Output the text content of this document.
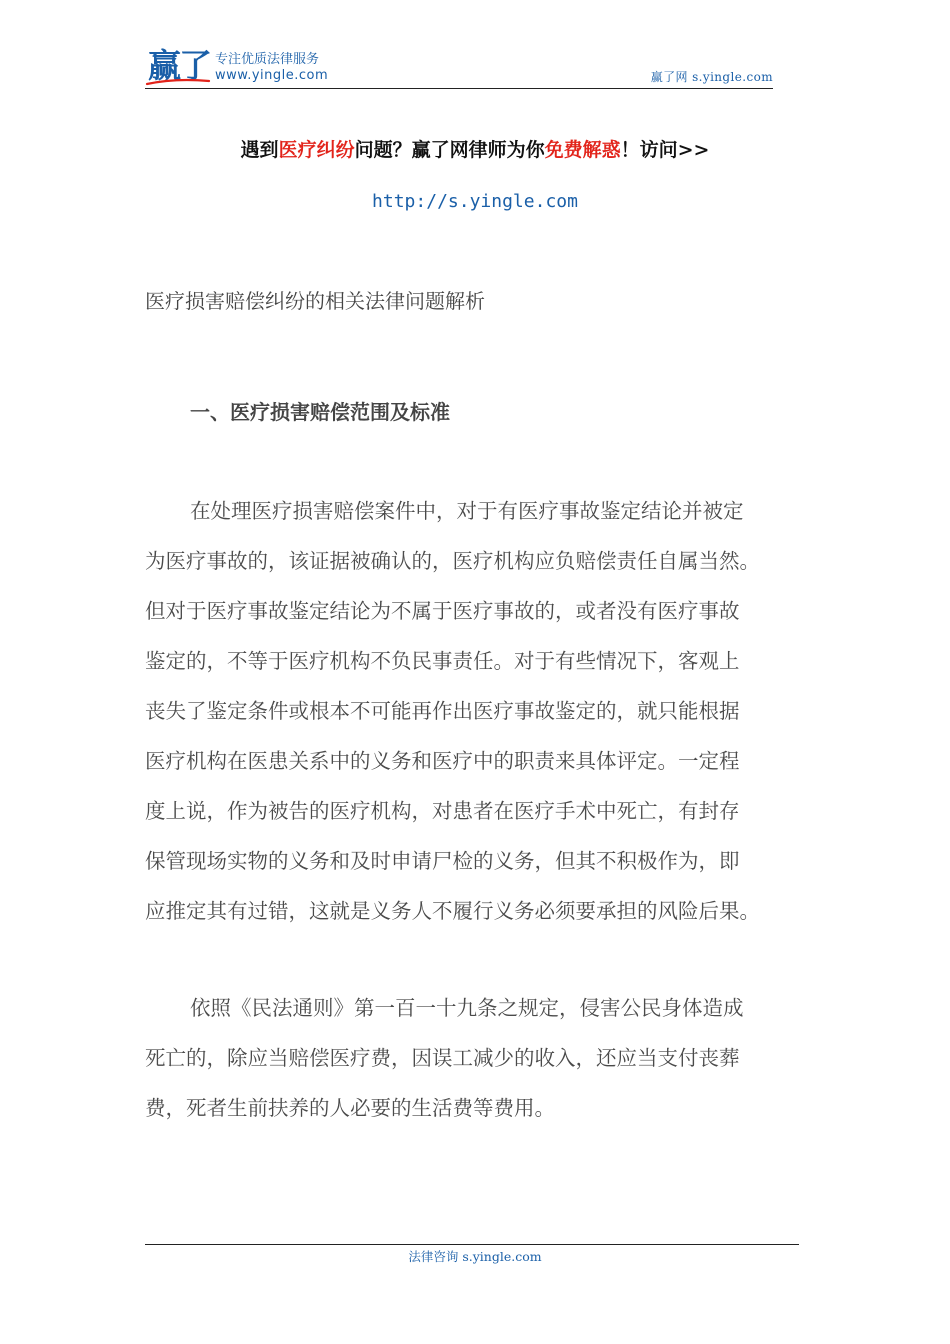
赢了 专注优质法律服务
www.yingle.com	赢了网 s.yingle.com
遇到医疗纠纷问题？赢了网律师为你免费解惑！访问>>
http://s.yingle.com
医疗损害赔偿纠纷的相关法律问题解析
一、医疗损害赔偿范围及标准
在处理医疗损害赔偿案件中，对于有医疗事故鉴定结论并被定
为医疗事故的，该证据被确认的，医疗机构应负赔偿责任自属当然。
但对于医疗事故鉴定结论为不属于医疗事故的，或者没有医疗事故
鉴定的，不等于医疗机构不负民事责任。对于有些情况下，客观上
丧失了鉴定条件或根本不可能再作出医疗事故鉴定的，就只能根据
医疗机构在医患关系中的义务和医疗中的职责来具体评定。一定程
度上说，作为被告的医疗机构，对患者在医疗手术中死亡，有封存
保管现场实物的义务和及时申请尸检的义务，但其不积极作为，即
应推定其有过错，这就是义务人不履行义务必须要承担的风险后果。
依照《民法通则》第一百一十九条之规定，侵害公民身体造成
死亡的，除应当赔偿医疗费，因误工减少的收入，还应当支付丧葬
费，死者生前扶养的人必要的生活费等费用。
法律咨询 s.yingle.com
